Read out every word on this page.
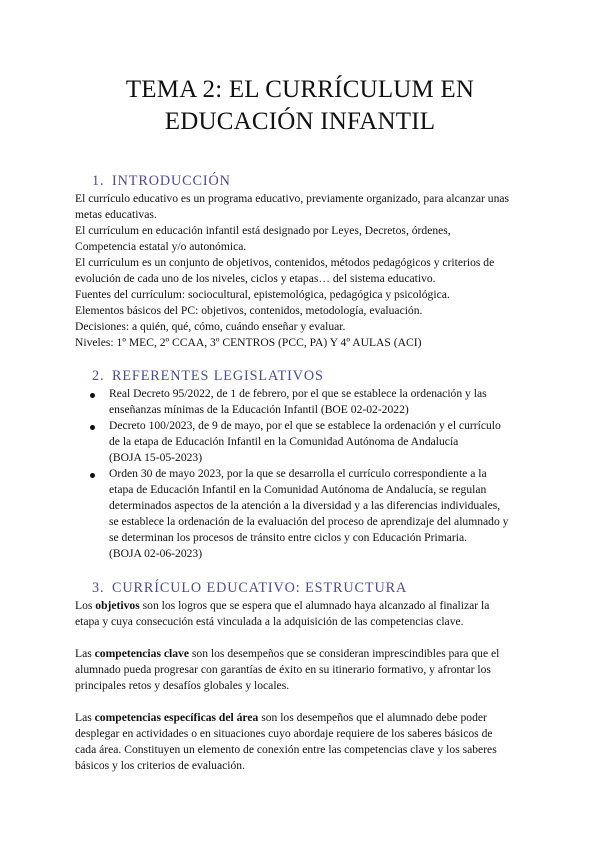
TEMA 2: EL CURRÍCULUM EN
EDUCACIÓN INFANTIL
1. INTRODUCCIÓN
El currículo educativo es un programa educativo, previamente organizado, para alcanzar unas
metas educativas.
El currículum en educación infantil está designado por Leyes, Decretos, órdenes,
Competencia estatal y/o autonómica.
El currículum es un conjunto de objetivos, contenidos, métodos pedagógicos y criterios de
evolución de cada uno de los niveles, ciclos y etapas… del sistema educativo.
Fuentes del currículum: sociocultural, epistemológica, pedagógica y psicológica.
Elementos básicos del PC: objetivos, contenidos, metodología, evaluación.
Decisiones: a quién, qué, cómo, cuándo enseñar y evaluar.
Niveles: 1º MEC, 2º CCAA, 3º CENTROS (PCC, PA) Y 4º AULAS (ACI)
2. REFERENTES LEGISLATIVOS
Real Decreto 95/2022, de 1 de febrero, por el que se establece la ordenación y las
enseñanzas mínimas de la Educación Infantil (BOE 02-02-2022)
Decreto 100/2023, de 9 de mayo, por el que se establece la ordenación y el currículo
de la etapa de Educación Infantil en la Comunidad Autónoma de Andalucía
(BOJA 15-05-2023)
Orden 30 de mayo 2023, por la que se desarrolla el currículo correspondiente a la
etapa de Educación Infantil en la Comunidad Autónoma de Andalucía, se regulan
determinados aspectos de la atención a la diversidad y a las diferencias individuales,
se establece la ordenación de la evaluación del proceso de aprendizaje del alumnado y
se determinan los procesos de tránsito entre ciclos y con Educación Primaria.
(BOJA 02-06-2023)
3. CURRÍCULO EDUCATIVO: ESTRUCTURA
Los objetivos son los logros que se espera que el alumnado haya alcanzado al finalizar la
etapa y cuya consecución está vinculada a la adquisición de las competencias clave.
Las competencias clave son los desempeños que se consideran imprescindibles para que el
alumnado pueda progresar con garantías de éxito en su itinerario formativo, y afrontar los
principales retos y desafíos globales y locales.
Las competencias específicas del área son los desempeños que el alumnado debe poder
desplegar en actividades o en situaciones cuyo abordaje requiere de los saberes básicos de
cada área. Constituyen un elemento de conexión entre las competencias clave y los saberes
básicos y los criterios de evaluación.
